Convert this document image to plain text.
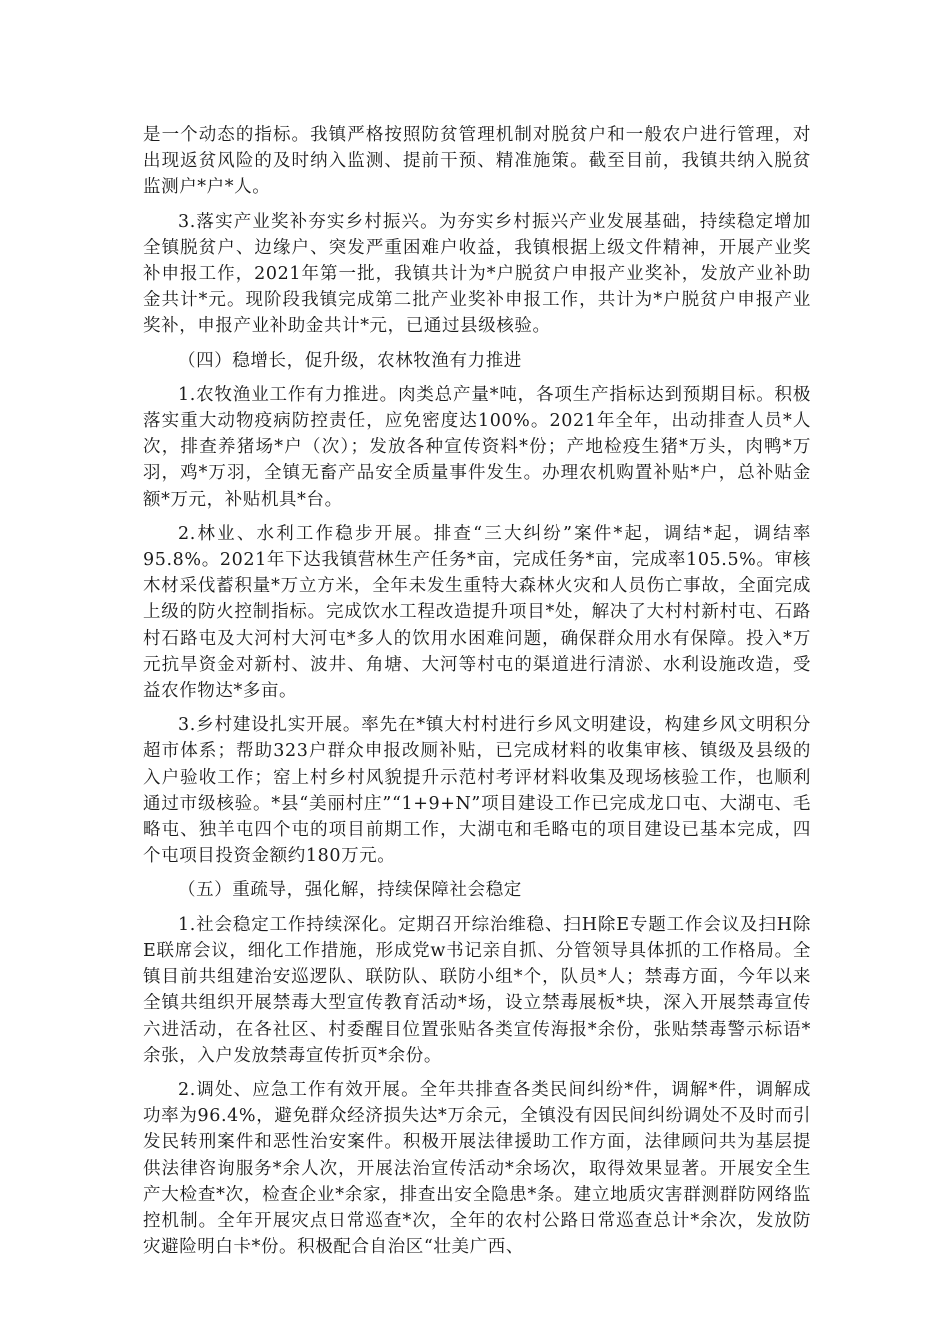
是一个动态的指标。我镇严格按照防贫管理机制对脱贫户和一般农户进行管理，对出现返贫风险的及时纳入监测、提前干预、精准施策。截至目前，我镇共纳入脱贫监测户*户*人。

3.落实产业奖补夯实乡村振兴。为夯实乡村振兴产业发展基础，持续稳定增加全镇脱贫户、边缘户、突发严重困难户收益，我镇根据上级文件精神，开展产业奖补申报工作，2021年第一批，我镇共计为*户脱贫户申报产业奖补，发放产业补助金共计*元。现阶段我镇完成第二批产业奖补申报工作，共计为*户脱贫户申报产业奖补，申报产业补助金共计*元，已通过县级核验。

（四）稳增长，促升级，农林牧渔有力推进

1.农牧渔业工作有力推进。肉类总产量*吨，各项生产指标达到预期目标。积极落实重大动物疫病防控责任，应免密度达100%。2021年全年，出动排查人员*人次，排查养猪场*户（次）；发放各种宣传资料*份；产地检疫生猪*万头，肉鸭*万羽，鸡*万羽，全镇无畜产品安全质量事件发生。办理农机购置补贴*户，总补贴金额*万元，补贴机具*台。

2.林业、水利工作稳步开展。排查“三大纠纷”案件*起，调结*起，调结率95.8%。2021年下达我镇营林生产任务*亩，完成任务*亩，完成率105.5%。审核木材采伐蓄积量*万立方米，全年未发生重特大森林火灾和人员伤亡事故，全面完成上级的防火控制指标。完成饮水工程改造提升项目*处，解决了大村村新村屯、石路村石路屯及大河村大河屯*多人的饮用水困难问题，确保群众用水有保障。投入*万元抗旱资金对新村、波井、角塘、大河等村屯的渠道进行清淤、水利设施改造，受益农作物达*多亩。

3.乡村建设扎实开展。率先在*镇大村村进行乡风文明建设，构建乡风文明积分超市体系；帮助323户群众申报改厕补贴，已完成材料的收集审核、镇级及县级的入户验收工作；窑上村乡村风貌提升示范村考评材料收集及现场核验工作，也顺利通过市级核验。*县“美丽村庄”“1+9+N”项目建设工作已完成龙口屯、大湖屯、毛略屯、独羊屯四个屯的项目前期工作，大湖屯和毛略屯的项目建设已基本完成，四个屯项目投资金额约180万元。

（五）重疏导，强化解，持续保障社会稳定

1.社会稳定工作持续深化。定期召开综治维稳、扫H除E专题工作会议及扫H除E联席会议，细化工作措施，形成党w书记亲自抓、分管领导具体抓的工作格局。全镇目前共组建治安巡逻队、联防队、联防小组*个，队员*人；禁毒方面，今年以来全镇共组织开展禁毒大型宣传教育活动*场，设立禁毒展板*块，深入开展禁毒宣传六进活动，在各社区、村委醒目位置张贴各类宣传海报*余份，张贴禁毒警示标语*余张，入户发放禁毒宣传折页*余份。

2.调处、应急工作有效开展。全年共排查各类民间纠纷*件，调解*件，调解成功率为96.4%，避免群众经济损失达*万余元，全镇没有因民间纠纷调处不及时而引发民转刑案件和恶性治安案件。积极开展法律援助工作方面，法律顾问共为基层提供法律咨询服务*余人次，开展法治宣传活动*余场次，取得效果显著。开展安全生产大检查*次，检查企业*余家，排查出安全隐患*条。建立地质灾害群测群防网络监控机制。全年开展灾点日常巡查*次，全年的农村公路日常巡查总计*余次，发放防灾避险明白卡*份。积极配合自治区“壮美广西、
